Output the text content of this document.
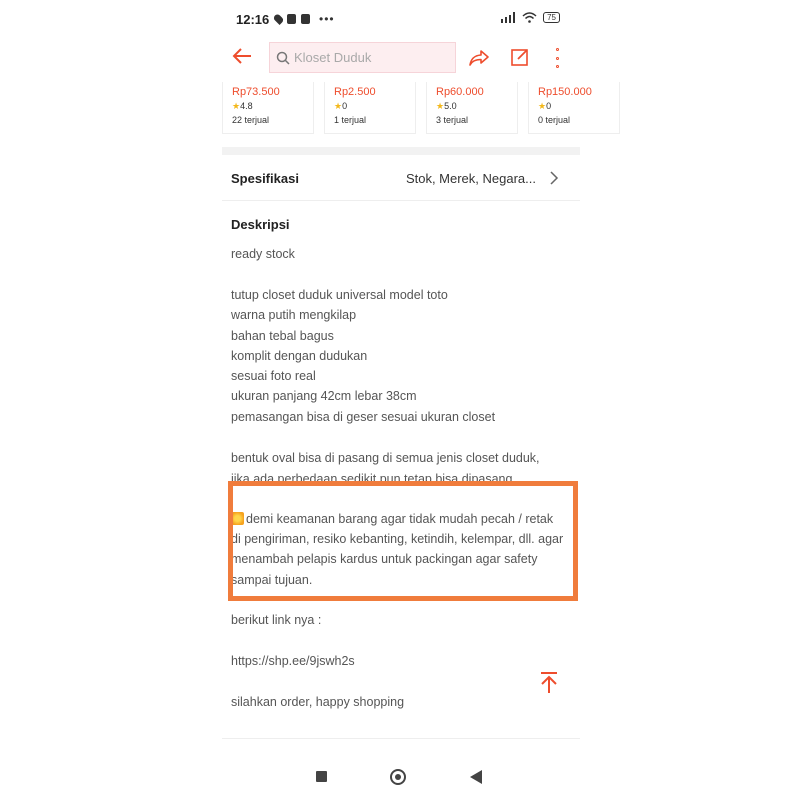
12:16	•••	75
Kloset Duduk
Rp73.500
★4.8
22 terjual
Rp2.500
★0
1 terjual
Rp60.000
★5.0
3 terjual
Rp150.000
★0
0 terjual
Spesifikasi	Stok, Merek, Negara...
Deskripsi
ready stock
tutup closet duduk universal model toto
warna putih mengkilap
bahan tebal bagus
komplit dengan dudukan
sesuai foto real
ukuran panjang 42cm lebar 38cm
pemasangan bisa di geser sesuai ukuran closet
bentuk oval bisa di pasang di semua jenis closet duduk,
jika ada perbedaan sedikit pun tetap bisa dipasang
demi keamanan barang agar tidak mudah pecah / retak
di pengiriman, resiko kebanting, ketindih, kelempar, dll. agar
menambah pelapis kardus untuk packingan agar safety
sampai tujuan.
berikut link nya :
https://shp.ee/9jswh2s
silahkan order, happy shopping
